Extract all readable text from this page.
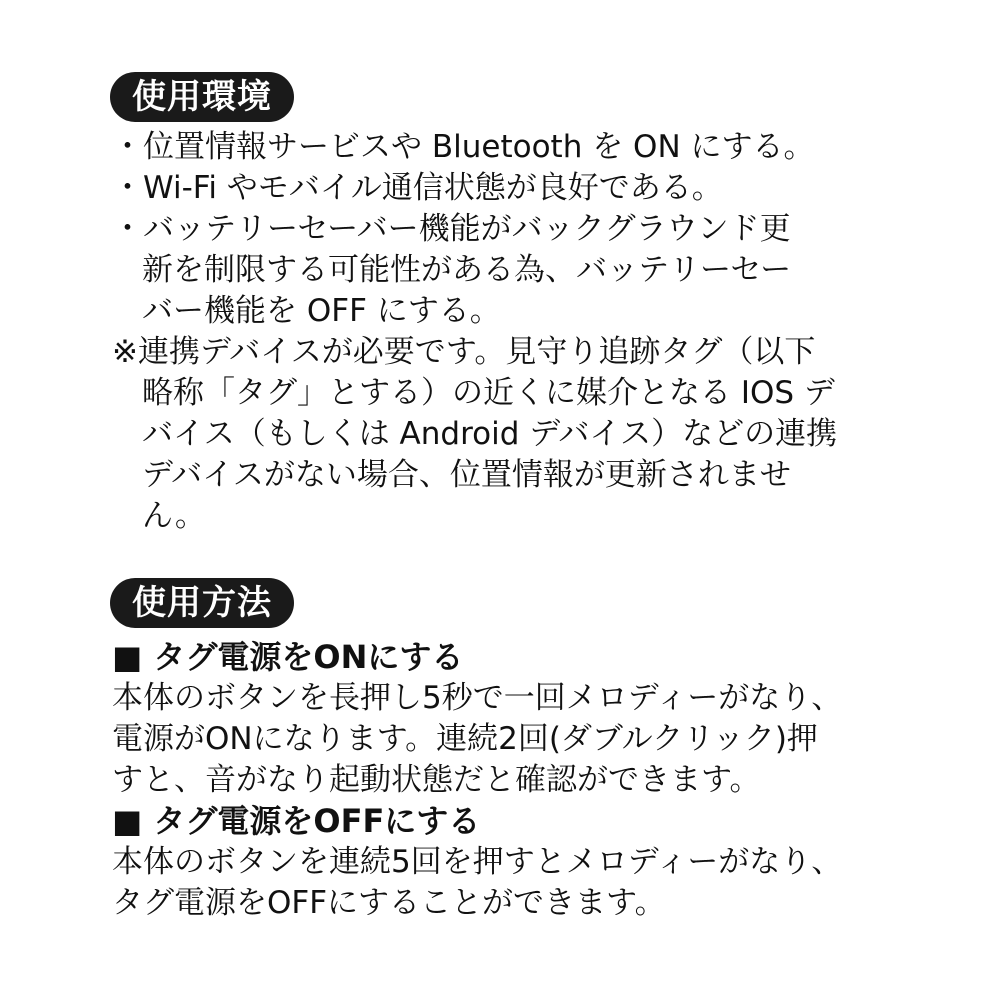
使用環境
・位置情報サービスや Bluetooth を ON にする。
・Wi-Fi やモバイル通信状態が良好である。
・バッテリーセーバー機能がバックグラウンド更
新を制限する可能性がある為、バッテリーセー
バー機能を OFF にする。
※連携デバイスが必要です。見守り追跡タグ（以下
略称「タグ」とする）の近くに媒介となる IOS デ
バイス（もしくは Android デバイス）などの連携
デバイスがない場合、位置情報が更新されませ
ん。
使用方法
■ タグ電源をONにする
本体のボタンを長押し5秒で一回メロディーがなり、
電源がONになります。連続2回(ダブルクリック)押
すと、音がなり起動状態だと確認ができます。
■ タグ電源をOFFにする
本体のボタンを連続5回を押すとメロディーがなり、
タグ電源をOFFにすることができます。
